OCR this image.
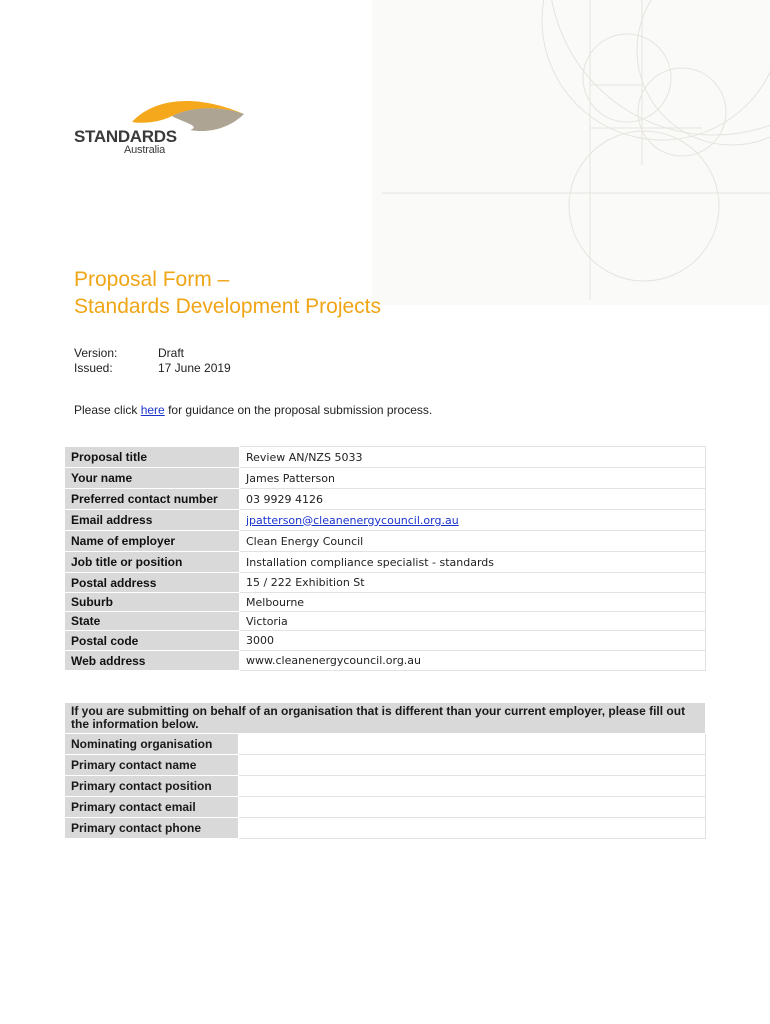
STANDARDS
Australia
Proposal Form –
Standards Development Projects
Version:	Draft
Issued:	17 June 2019
Please click here for guidance on the proposal submission process.
Proposal title	Review AN/NZS 5033
Your name	James Patterson
Preferred contact number	03 9929 4126
Email address	jpatterson@cleanenergycouncil.org.au
Name of employer	Clean Energy Council
Job title or position	Installation compliance specialist - standards
Postal address	15 / 222 Exhibition St
Suburb	Melbourne
State	Victoria
Postal code	3000
Web address	www.cleanenergycouncil.org.au
If you are submitting on behalf of an organisation that is different than your current employer, please fill out the information below.	
Nominating organisation	
Primary contact name	
Primary contact position	
Primary contact email	
Primary contact phone	
